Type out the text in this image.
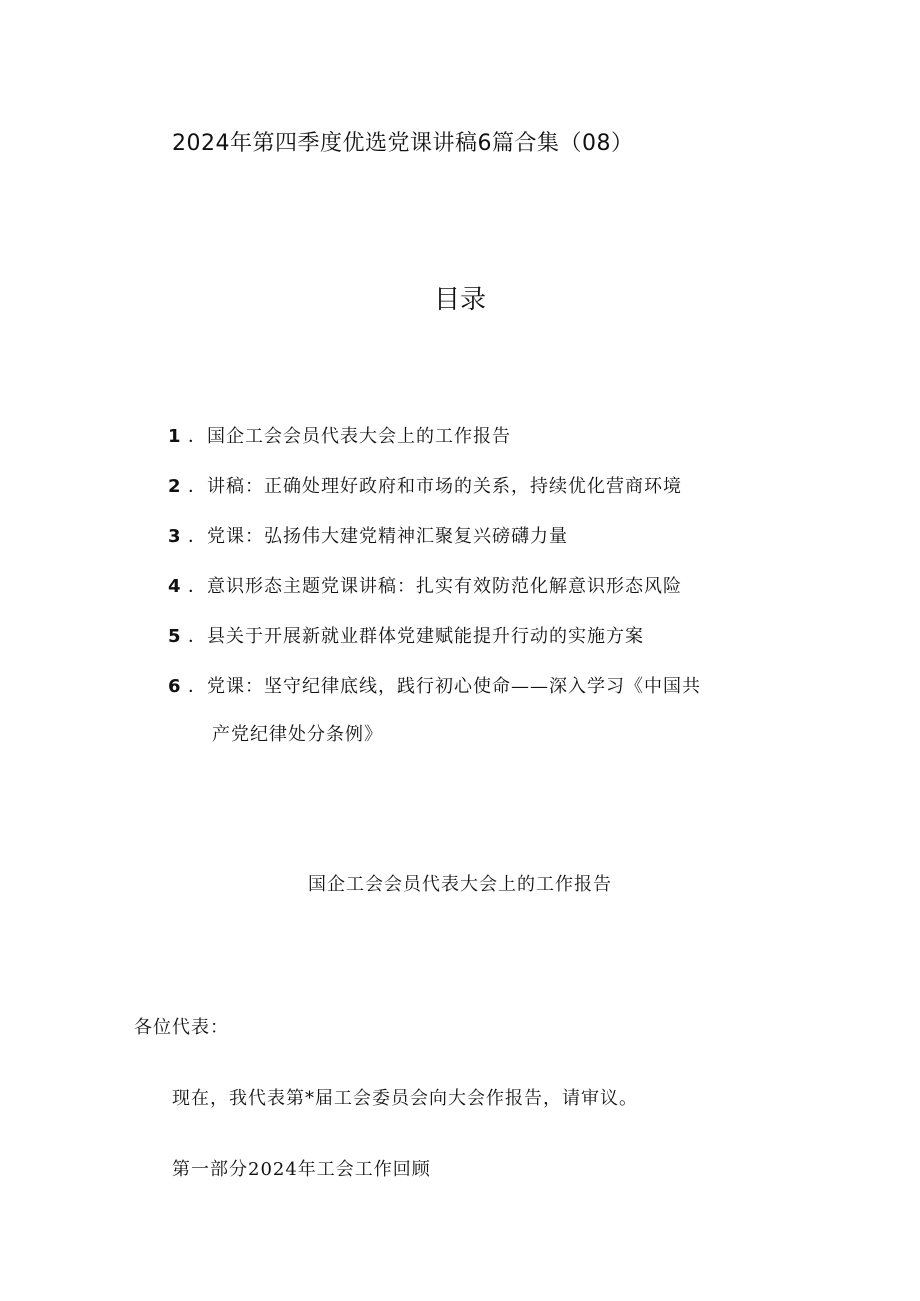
2024年第四季度优选党课讲稿6篇合集（08）
目录
1 ．国企工会会员代表大会上的工作报告
2 ．讲稿：正确处理好政府和市场的关系，持续优化营商环境
3 ．党课：弘扬伟大建党精神汇聚复兴磅礴力量
4 ．意识形态主题党课讲稿：扎实有效防范化解意识形态风险
5 ．县关于开展新就业群体党建赋能提升行动的实施方案
6 ．党课：坚守纪律底线，践行初心使命——深入学习《中国共
产党纪律处分条例》
国企工会会员代表大会上的工作报告

各位代表：

现在，我代表第*届工会委员会向大会作报告，请审议。

第一部分2024年工会工作回顾
